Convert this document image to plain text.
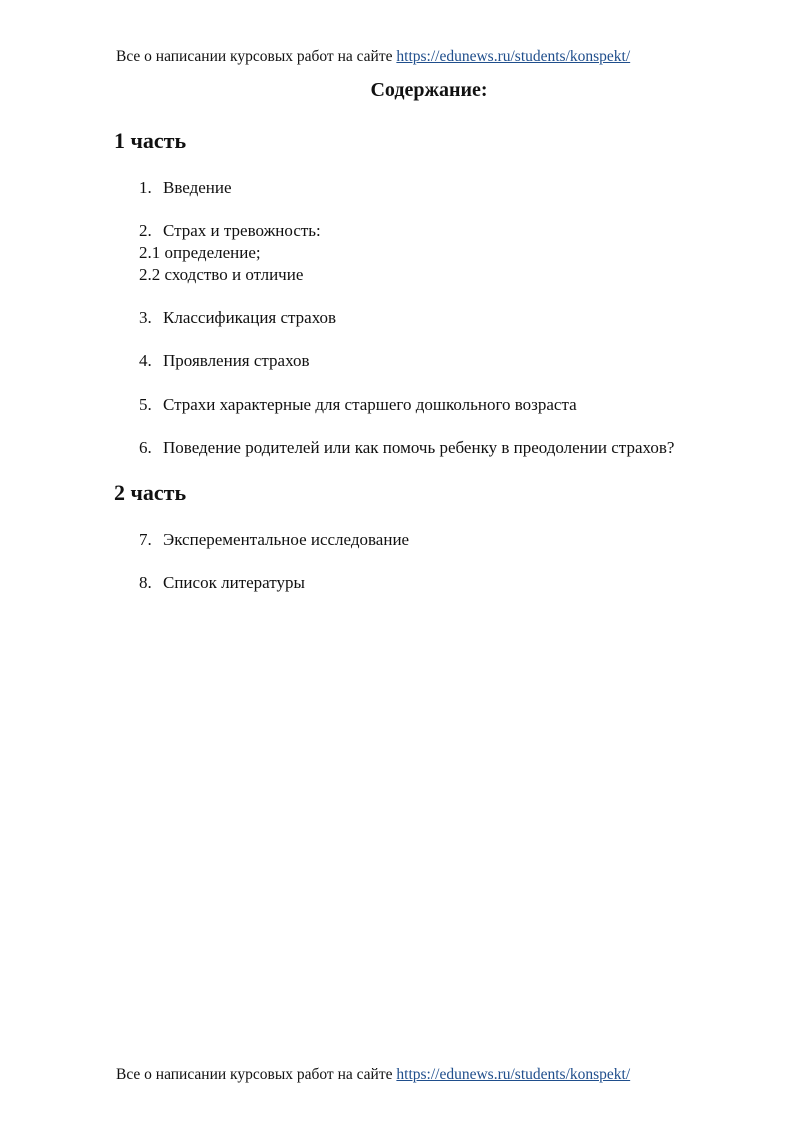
Все о написании курсовых работ на сайте https://edunews.ru/students/konspekt/
Содержание:
1 часть
1. Введение
2. Страх и тревожность:
2.1 определение;
2.2 сходство и отличие
3. Классификация страхов
4. Проявления страхов
5. Страхи характерные для старшего дошкольного возраста
6. Поведение родителей или как помочь ребенку в преодолении страхов?
2 часть
7. Эксперементальное исследование
8. Список литературы
Все о написании курсовых работ на сайте https://edunews.ru/students/konspekt/
